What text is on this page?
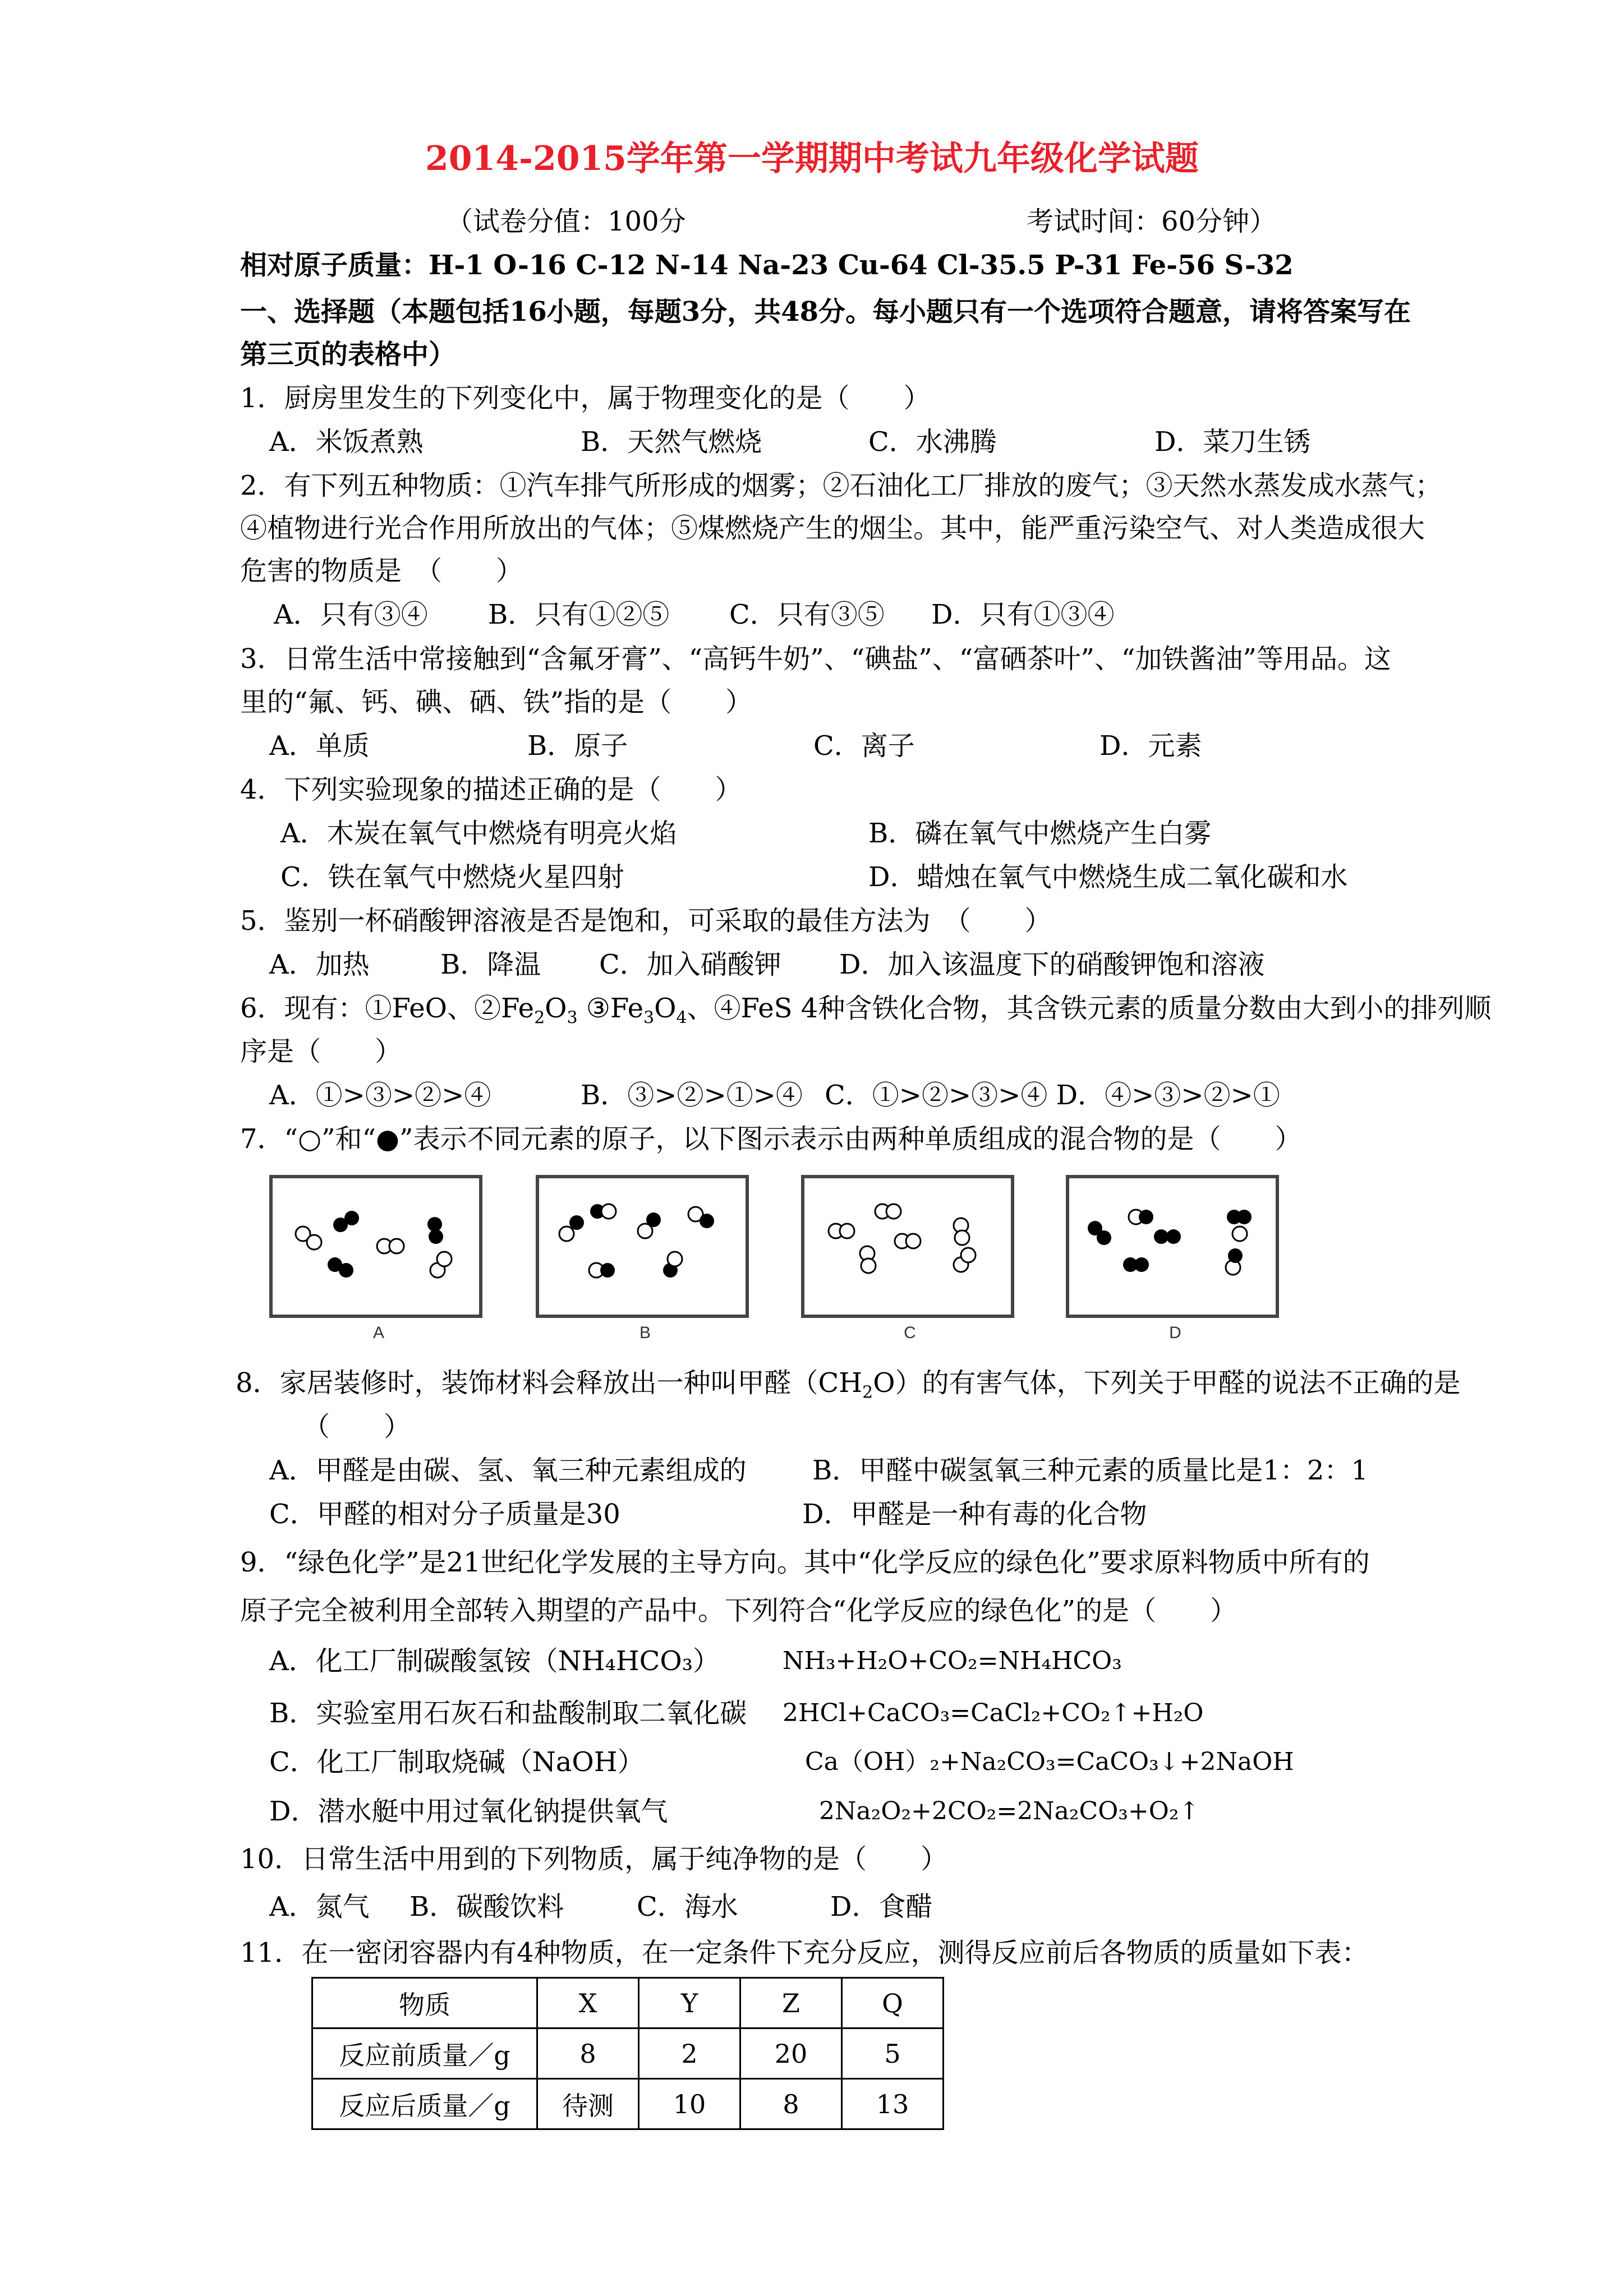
2014-2015学年第一学期期中考试九年级化学试题
（试卷分值：100分	考试时间：60分钟）
相对原子质量：H-1 O-16 C-12 N-14 Na-23 Cu-64 Cl-35.5 P-31 Fe-56 S-32
一、选择题（本题包括16小题，每题3分，共48分。每小题只有一个选项符合题意，请将答案写在
第三页的表格中）
1．厨房里发生的下列变化中，属于物理变化的是（　　）
A．米饭煮熟	B．天然气燃烧	C．水沸腾	D．菜刀生锈
2．有下列五种物质：①汽车排气所形成的烟雾；②石油化工厂排放的废气；③天然水蒸发成水蒸气；
④植物进行光合作用所放出的气体；⑤煤燃烧产生的烟尘。其中，能严重污染空气、对人类造成很大
危害的物质是　（　　）
A．只有③④ B．只有①②⑤ C．只有③⑤ D．只有①③④
3．日常生活中常接触到“含氟牙膏”、“高钙牛奶”、“碘盐”、“富硒茶叶”、“加铁酱油”等用品。这
里的“氟、钙、碘、硒、铁”指的是（　　）
A．单质	B．原子	C．离子	D．元素
4．下列实验现象的描述正确的是（　　）
A．木炭在氧气中燃烧有明亮火焰	B．磷在氧气中燃烧产生白雾
C．铁在氧气中燃烧火星四射	D．蜡烛在氧气中燃烧生成二氧化碳和水
5．鉴别一杯硝酸钾溶液是否是饱和，可采取的最佳方法为　（　　）
A．加热	B．降温 C．加入硝酸钾 D．加入该温度下的硝酸钾饱和溶液
6．现有：①FeO、$②Fe_2O_3$ $③Fe_3O_4$、④FeS 4种含铁化合物，其含铁元素的质量分数由大到小的排列顺
序是（　　）
A．①>③>②>④	B．③>②>①>④ C．①>②>③>④ D．④>③>②>①
7．“○”和“●”表示不同元素的原子，以下图示表示由两种单质组成的混合物的是（　　）
A	B	C	D
8．家居装修时，装饰材料会释放出一种叫甲醛$(CH_2O)$的有害气体，下列关于甲醛的说法不正确的是
（　　）
A．甲醛是由碳、氢、氧三种元素组成的 B．甲醛中碳氢氧三种元素的质量比是1：2：1
C．甲醛的相对分子质量是30	D．甲醛是一种有毒的化合物
9．“绿色化学”是21世纪化学发展的主导方向。其中“化学反应的绿色化”要求原料物质中所有的
原子完全被利用全部转入期望的产品中。下列符合“化学反应的绿色化”的是（　　）
A．化工厂制碳酸氢铵（NH₄HCO₃）	NH₃+H₂O+CO₂=NH₄HCO₃
B．实验室用石灰石和盐酸制取二氧化碳 2HCl+CaCO₃=CaCl₂+CO₂↑+H₂O
C．化工厂制取烧碱（NaOH）	Ca（OH）₂+Na₂CO₃=CaCO₃↓+2NaOH
D．潜水艇中用过氧化钠提供氧气	2Na₂O₂+2CO₂=2Na₂CO₃+O₂↑
10．日常生活中用到的下列物质，属于纯净物的是（　　）
A．氮气 B．碳酸饮料	C．海水	D．食醋
11．在一密闭容器内有4种物质，在一定条件下充分反应，测得反应前后各物质的质量如下表：
物质	X	Y	Z	Q
反应前质量／g	8	2	20	5
反应后质量／g	待测	10	8	13
